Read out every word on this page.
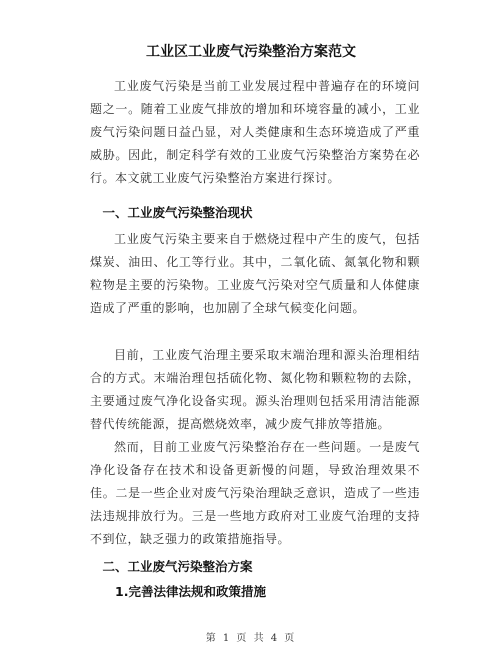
工业区工业废气污染整治方案范文

工业废气污染是当前工业发展过程中普遍存在的环境问题之一。随着工业废气排放的增加和环境容量的减小，工业废气污染问题日益凸显，对人类健康和生态环境造成了严重威胁。因此，制定科学有效的工业废气污染整治方案势在必行。本文就工业废气污染整治方案进行探讨。

一、工业废气污染整治现状

工业废气污染主要来自于燃烧过程中产生的废气，包括煤炭、油田、化工等行业。其中，二氧化硫、氮氧化物和颗粒物是主要的污染物。工业废气污染对空气质量和人体健康造成了严重的影响，也加剧了全球气候变化问题。

目前，工业废气治理主要采取末端治理和源头治理相结合的方式。末端治理包括硫化物、氮化物和颗粒物的去除，主要通过废气净化设备实现。源头治理则包括采用清洁能源替代传统能源，提高燃烧效率，减少废气排放等措施。

然而，目前工业废气污染整治存在一些问题。一是废气净化设备存在技术和设备更新慢的问题，导致治理效果不佳。二是一些企业对废气污染治理缺乏意识，造成了一些违法违规排放行为。三是一些地方政府对工业废气治理的支持不到位，缺乏强力的政策措施指导。

二、工业废气污染整治方案
1.完善法律法规和政策措施
第 1 页 共 4 页
